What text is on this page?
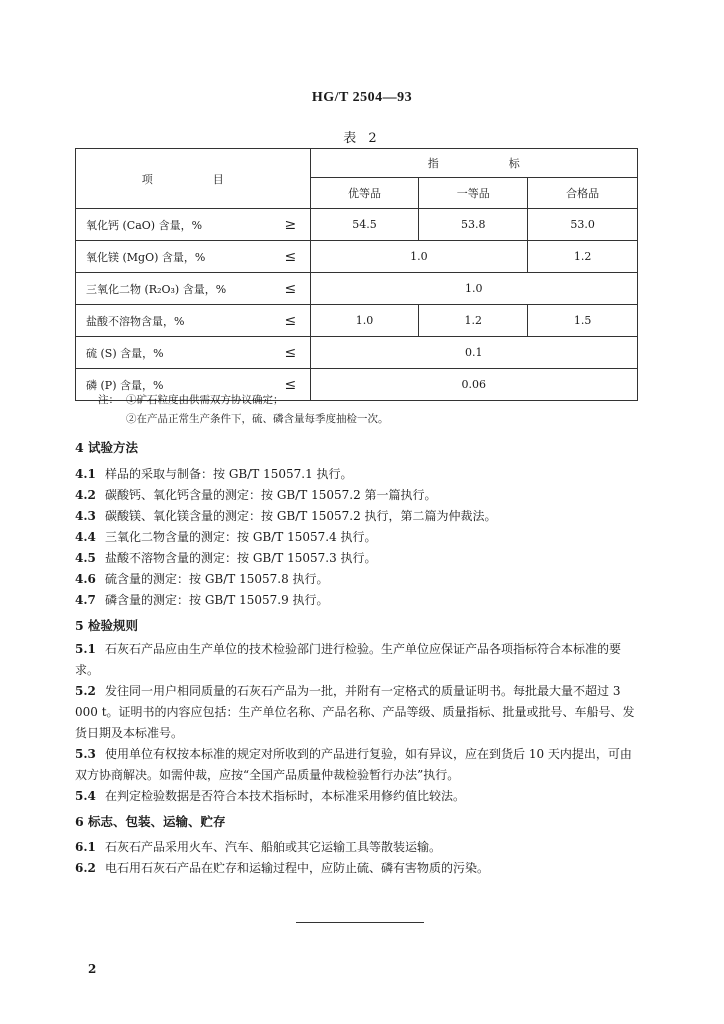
HG/T 2504—93
表 2
项目		指标		
		优等品	一等品	合格品
氧化钙 (CaO) 含量，%	≥	54.5	53.8	53.0
氧化镁 (MgO) 含量，%	≤	1.0		1.2
三氧化二物 (R₂O₃) 含量，%	≤	1.0		
盐酸不溶物含量，%	≤	1.0	1.2	1.5
硫 (S) 含量，%	≤	0.1		
磷 (P) 含量，%	≤	0.06		
注： ①矿石粒度由供需双方协议确定；
②在产品正常生产条件下，硫、磷含量每季度抽检一次。
4 试验方法
4.1 样品的采取与制备：按 GB/T 15057.1 执行。
4.2 碳酸钙、氧化钙含量的测定：按 GB/T 15057.2 第一篇执行。
4.3 碳酸镁、氧化镁含量的测定：按 GB/T 15057.2 执行，第二篇为仲裁法。
4.4 三氧化二物含量的测定：按 GB/T 15057.4 执行。
4.5 盐酸不溶物含量的测定：按 GB/T 15057.3 执行。
4.6 硫含量的测定：按 GB/T 15057.8 执行。
4.7 磷含量的测定：按 GB/T 15057.9 执行。
5 检验规则
5.1 石灰石产品应由生产单位的技术检验部门进行检验。生产单位应保证产品各项指标符合本标准的要求。
5.2 发往同一用户相同质量的石灰石产品为一批，并附有一定格式的质量证明书。每批最大量不超过 3 000 t。证明书的内容应包括：生产单位名称、产品名称、产品等级、质量指标、批量或批号、车船号、发货日期及本标准号。
5.3 使用单位有权按本标准的规定对所收到的产品进行复验，如有异议，应在到货后 10 天内提出，可由双方协商解决。如需仲裁，应按“全国产品质量仲裁检验暂行办法”执行。
5.4 在判定检验数据是否符合本技术指标时，本标准采用修约值比较法。
6 标志、包装、运输、贮存
6.1 石灰石产品采用火车、汽车、船舶或其它运输工具等散装运输。
6.2 电石用石灰石产品在贮存和运输过程中，应防止硫、磷有害物质的污染。
2
